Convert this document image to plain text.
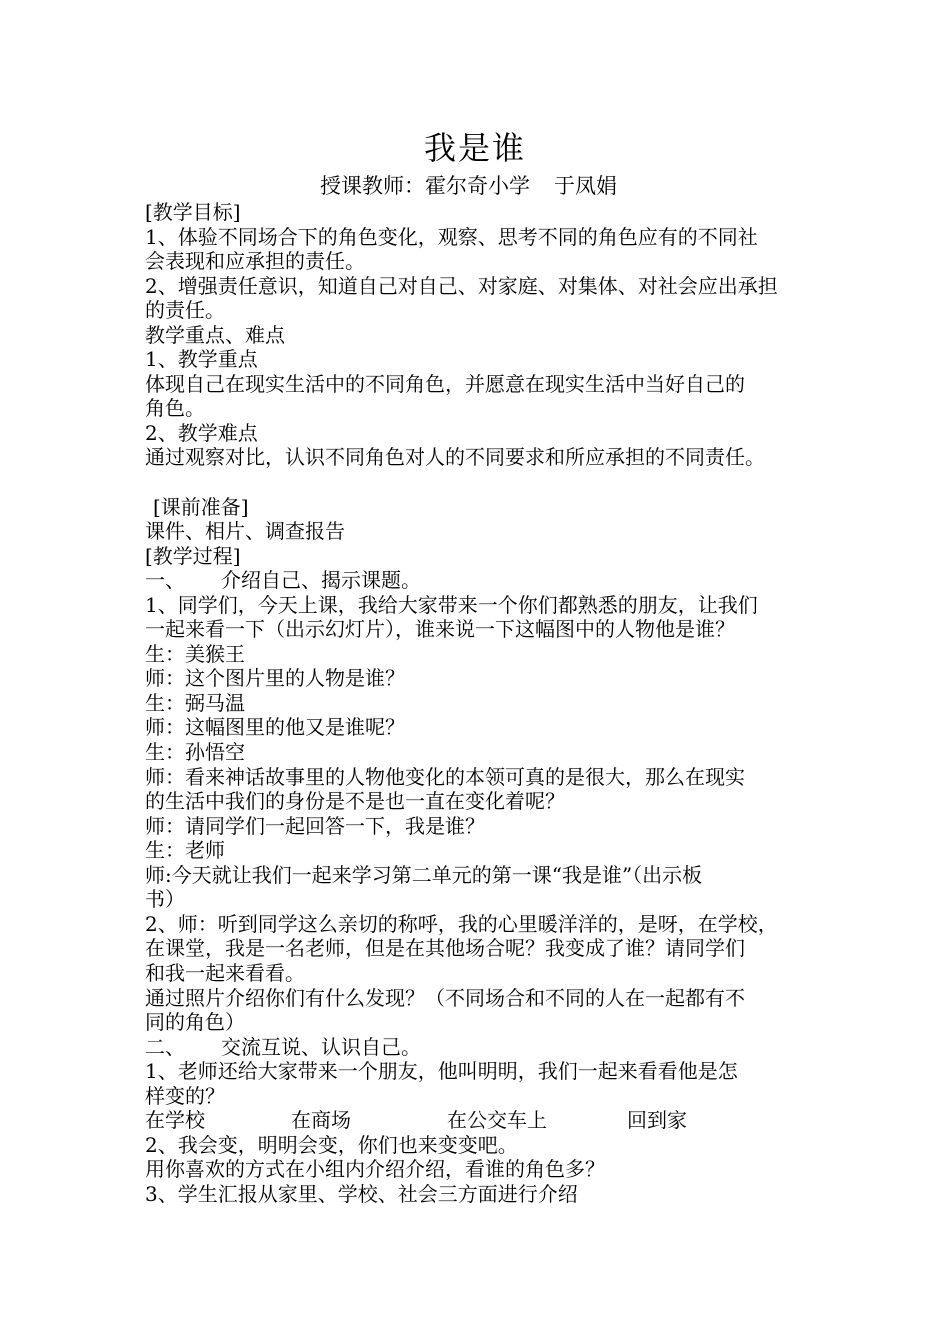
我是谁
授课教师：霍尔奇小学 于凤娟
[教学目标]
1、体验不同场合下的角色变化，观察、思考不同的角色应有的不同社
会表现和应承担的责任。
2、增强责任意识，知道自己对自己、对家庭、对集体、对社会应出承担
的责任。
教学重点、难点
1、教学重点
体现自己在现实生活中的不同角色，并愿意在现实生活中当好自己的
角色。
2、教学难点
通过观察对比，认识不同角色对人的不同要求和所应承担的不同责任。
[课前准备]
课件、相片、调查报告
[教学过程]
一、 介绍自己、揭示课题。
1、同学们，今天上课，我给大家带来一个你们都熟悉的朋友，让我们
一起来看一下（出示幻灯片），谁来说一下这幅图中的人物他是谁？
生：美猴王
师：这个图片里的人物是谁？
生：弼马温
师：这幅图里的他又是谁呢？
生：孙悟空
师：看来神话故事里的人物他变化的本领可真的是很大，那么在现实
的生活中我们的身份是不是也一直在变化着呢？
师：请同学们一起回答一下，我是谁？
生：老师
师:今天就让我们一起来学习第二单元的第一课“我是谁”（出示板
书）
2、师：听到同学这么亲切的称呼，我的心里暖洋洋的，是呀，在学校，
在课堂，我是一名老师，但是在其他场合呢？我变成了谁？请同学们
和我一起来看看。
通过照片介绍你们有什么发现？（不同场合和不同的人在一起都有不
同的角色）
二、 交流互说、认识自己。
1、老师还给大家带来一个朋友，他叫明明，我们一起来看看他是怎
样变的？
在学校	在商场	在公交车上	回到家
2、我会变，明明会变，你们也来变变吧。
用你喜欢的方式在小组内介绍介绍，看谁的角色多？
3、学生汇报从家里、学校、社会三方面进行介绍
